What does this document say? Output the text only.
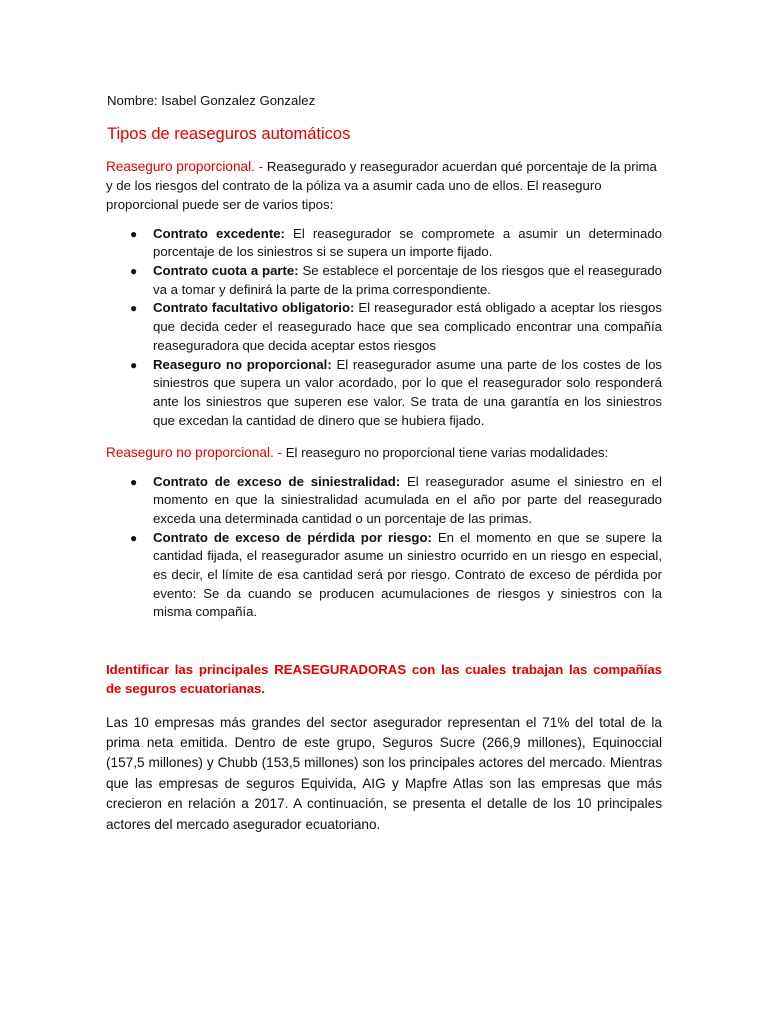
Nombre: Isabel Gonzalez Gonzalez
Tipos de reaseguros automáticos

Reaseguro proporcional. - Reasegurado y reasegurador acuerdan qué porcentaje de la prima y de los riesgos del contrato de la póliza va a asumir cada uno de ellos. El reaseguro proporcional puede ser de varios tipos:

● Contrato excedente: El reasegurador se compromete a asumir un determinado porcentaje de los siniestros si se supera un importe fijado.
● Contrato cuota a parte: Se establece el porcentaje de los riesgos que el reasegurado va a tomar y definirá la parte de la prima correspondiente.
● Contrato facultativo obligatorio: El reasegurador está obligado a aceptar los riesgos que decida ceder el reasegurado hace que sea complicado encontrar una compañía reaseguradora que decida aceptar estos riesgos
● Reaseguro no proporcional: El reasegurador asume una parte de los costes de los siniestros que supera un valor acordado, por lo que el reasegurador solo responderá ante los siniestros que superen ese valor. Se trata de una garantía en los siniestros que excedan la cantidad de dinero que se hubiera fijado.

Reaseguro no proporcional. - El reaseguro no proporcional tiene varias modalidades:

● Contrato de exceso de siniestralidad: El reasegurador asume el siniestro en el momento en que la siniestralidad acumulada en el año por parte del reasegurado exceda una determinada cantidad o un porcentaje de las primas.
● Contrato de exceso de pérdida por riesgo: En el momento en que se supere la cantidad fijada, el reasegurador asume un siniestro ocurrido en un riesgo en especial, es decir, el límite de esa cantidad será por riesgo. Contrato de exceso de pérdida por evento: Se da cuando se producen acumulaciones de riesgos y siniestros con la misma compañía.

Identificar las principales REASEGURADORAS con las cuales trabajan las compañías de seguros ecuatorianas.

Las 10 empresas más grandes del sector asegurador representan el 71% del total de la prima neta emitida. Dentro de este grupo, Seguros Sucre (266,9 millones), Equinoccial (157,5 millones) y Chubb (153,5 millones) son los principales actores del mercado. Mientras que las empresas de seguros Equivida, AIG y Mapfre Atlas son las empresas que más crecieron en relación a 2017. A continuación, se presenta el detalle de los 10 principales actores del mercado asegurador ecuatoriano.
